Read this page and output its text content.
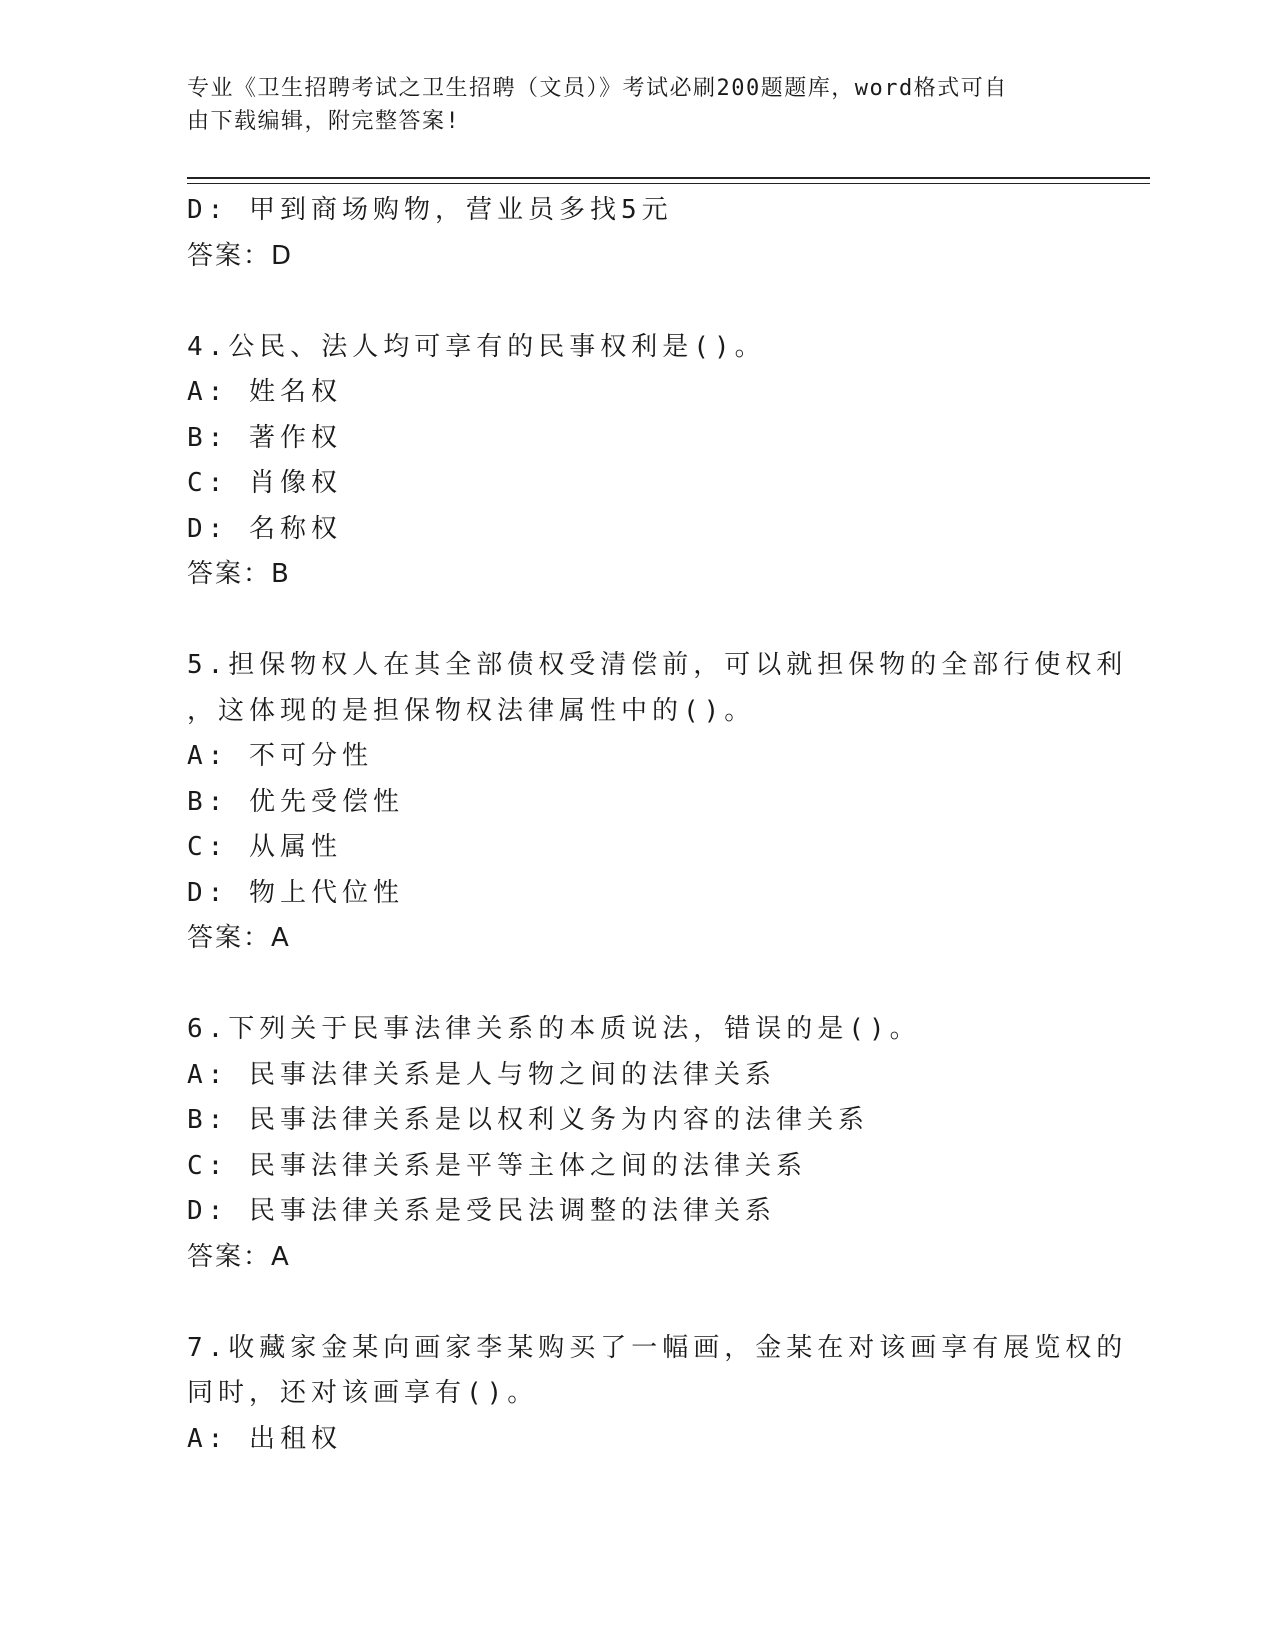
专业《卫生招聘考试之卫生招聘（文员）》考试必刷200题题库，word格式可自
由下载编辑，附完整答案!
D: 甲到商场购物，营业员多找5元
答案：D
4.公民、法人均可享有的民事权利是()。
A: 姓名权
B: 著作权
C: 肖像权
D: 名称权
答案：B
5.担保物权人在其全部债权受清偿前，可以就担保物的全部行使权利
，这体现的是担保物权法律属性中的()。
A: 不可分性
B: 优先受偿性
C: 从属性
D: 物上代位性
答案：A
6.下列关于民事法律关系的本质说法，错误的是()。
A: 民事法律关系是人与物之间的法律关系
B: 民事法律关系是以权利义务为内容的法律关系
C: 民事法律关系是平等主体之间的法律关系
D: 民事法律关系是受民法调整的法律关系
答案：A
7.收藏家金某向画家李某购买了一幅画，金某在对该画享有展览权的
同时，还对该画享有()。
A: 出租权
